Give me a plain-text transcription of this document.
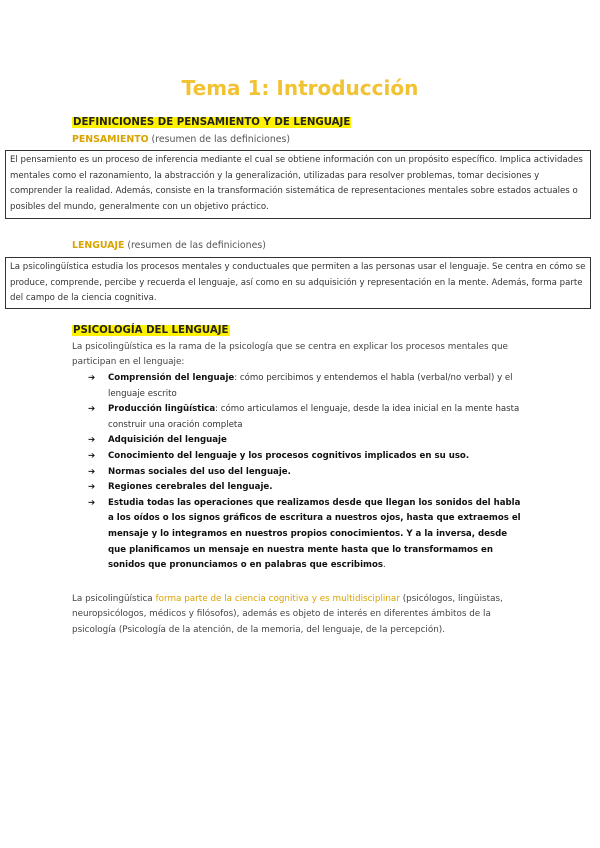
Tema 1: Introducción
DEFINICIONES DE PENSAMIENTO Y DE LENGUAJE
PENSAMIENTO (resumen de las definiciones)
El pensamiento es un proceso de inferencia mediante el cual se obtiene información con un propósito específico. Implica actividades mentales como el razonamiento, la abstracción y la generalización, utilizadas para resolver problemas, tomar decisiones y comprender la realidad. Además, consiste en la transformación sistemática de representaciones mentales sobre estados actuales o posibles del mundo, generalmente con un objetivo práctico.
LENGUAJE (resumen de las definiciones)
La psicolingüística estudia los procesos mentales y conductuales que permiten a las personas usar el lenguaje. Se centra en cómo se produce, comprende, percibe y recuerda el lenguaje, así como en su adquisición y representación en la mente. Además, forma parte del campo de la ciencia cognitiva.
PSICOLOGÍA DEL LENGUAJE
La psicolingüística es la rama de la psicología que se centra en explicar los procesos mentales que participan en el lenguaje:
➔ Comprensión del lenguaje: cómo percibimos y entendemos el habla (verbal/no verbal) y el lenguaje escrito
➔ Producción lingüística: cómo articulamos el lenguaje, desde la idea inicial en la mente hasta construir una oración completa
➔ Adquisición del lenguaje
➔ Conocimiento del lenguaje y los procesos cognitivos implicados en su uso.
➔ Normas sociales del uso del lenguaje.
➔ Regiones cerebrales del lenguaje.
➔ Estudia todas las operaciones que realizamos desde que llegan los sonidos del habla a los oídos o los signos gráficos de escritura a nuestros ojos, hasta que extraemos el mensaje y lo integramos en nuestros propios conocimientos. Y a la inversa, desde que planificamos un mensaje en nuestra mente hasta que lo transformamos en sonidos que pronunciamos o en palabras que escribimos.
La psicolingüística forma parte de la ciencia cognitiva y es multidisciplinar (psicólogos, lingüistas, neuropsicólogos, médicos y filósofos), además es objeto de interés en diferentes ámbitos de la psicología (Psicología de la atención, de la memoria, del lenguaje, de la percepción).
